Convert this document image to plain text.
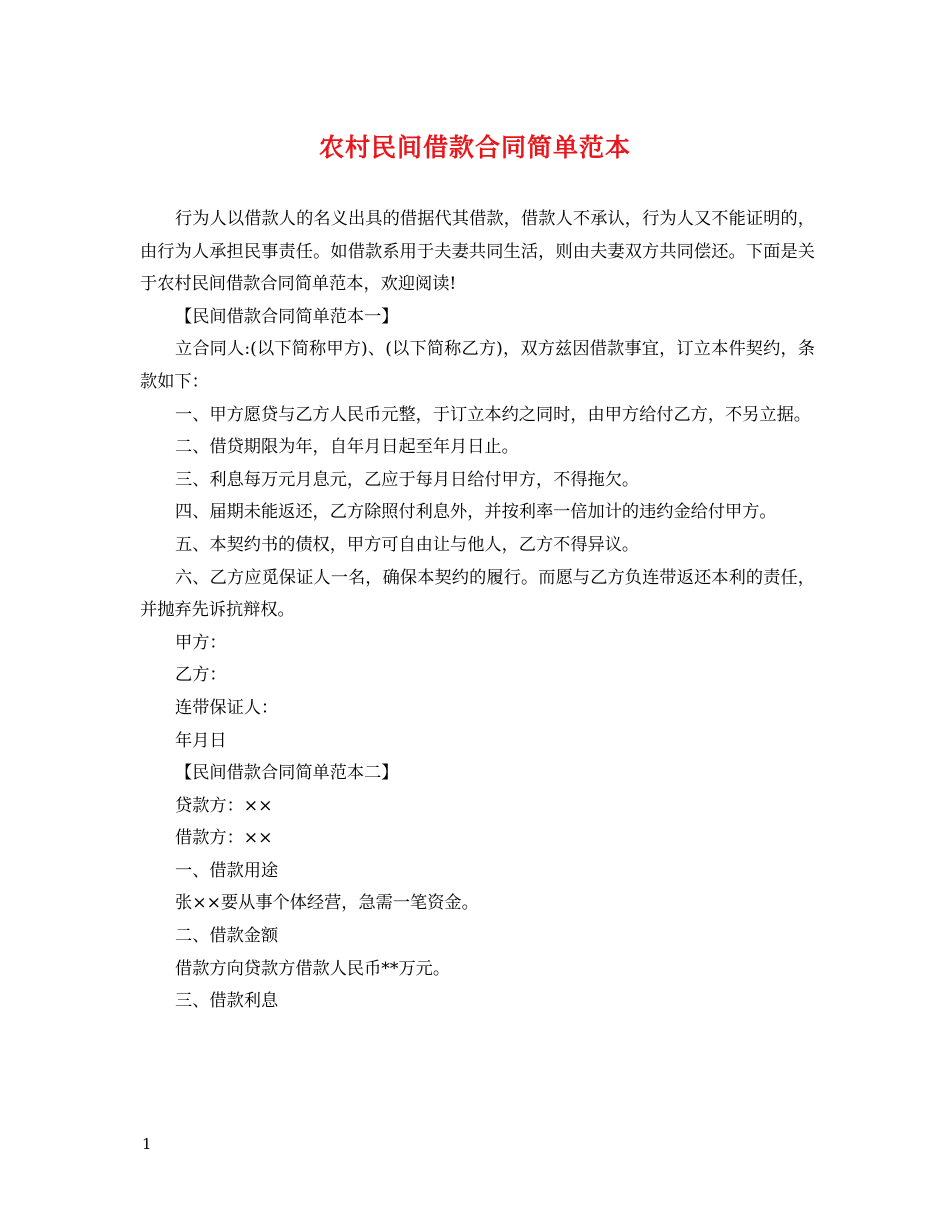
农村民间借款合同简单范本

行为人以借款人的名义出具的借据代其借款，借款人不承认，行为人又不能证明的，由行为人承担民事责任。如借款系用于夫妻共同生活，则由夫妻双方共同偿还。下面是关于农村民间借款合同简单范本，欢迎阅读!

【民间借款合同简单范本一】

立合同人:(以下简称甲方)、(以下简称乙方)，双方兹因借款事宜，订立本件契约，条款如下：

一、甲方愿贷与乙方人民币元整，于订立本约之同时，由甲方给付乙方，不另立据。

二、借贷期限为年，自年月日起至年月日止。

三、利息每万元月息元，乙应于每月日给付甲方，不得拖欠。

四、届期未能返还，乙方除照付利息外，并按利率一倍加计的违约金给付甲方。

五、本契约书的债权，甲方可自由让与他人，乙方不得异议。

六、乙方应觅保证人一名，确保本契约的履行。而愿与乙方负连带返还本利的责任，并抛弃先诉抗辩权。

甲方：

乙方：

连带保证人：

年月日

【民间借款合同简单范本二】

贷款方：××

借款方：××

一、借款用途

张××要从事个体经营，急需一笔资金。

二、借款金额

借款方向贷款方借款人民币**万元。

三、借款利息

1
